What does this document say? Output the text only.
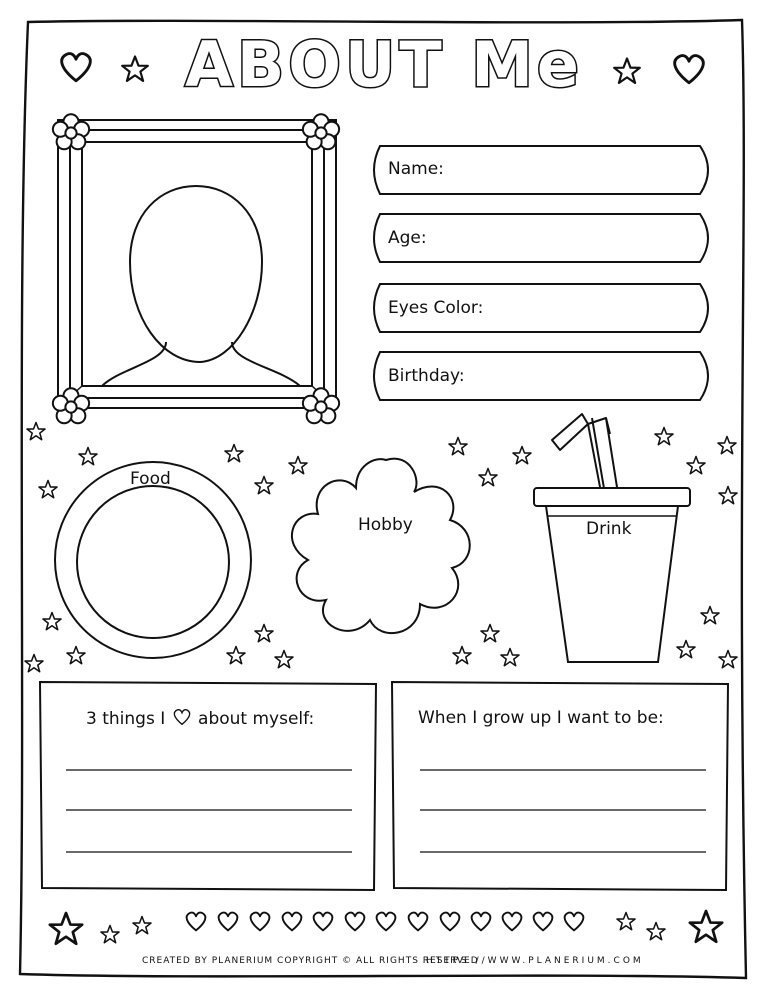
ABOUT Me
Name:
Age:
Eyes Color:
Birthday:
Food
Hobby	Drink
3 things I about myself:	When I grow up I want to be:
CREATED BY PLANERIUM COPYRIGHT © ALL RIGHTS RESERVED
HTTPS //WWW.PLANERIUM.COM
